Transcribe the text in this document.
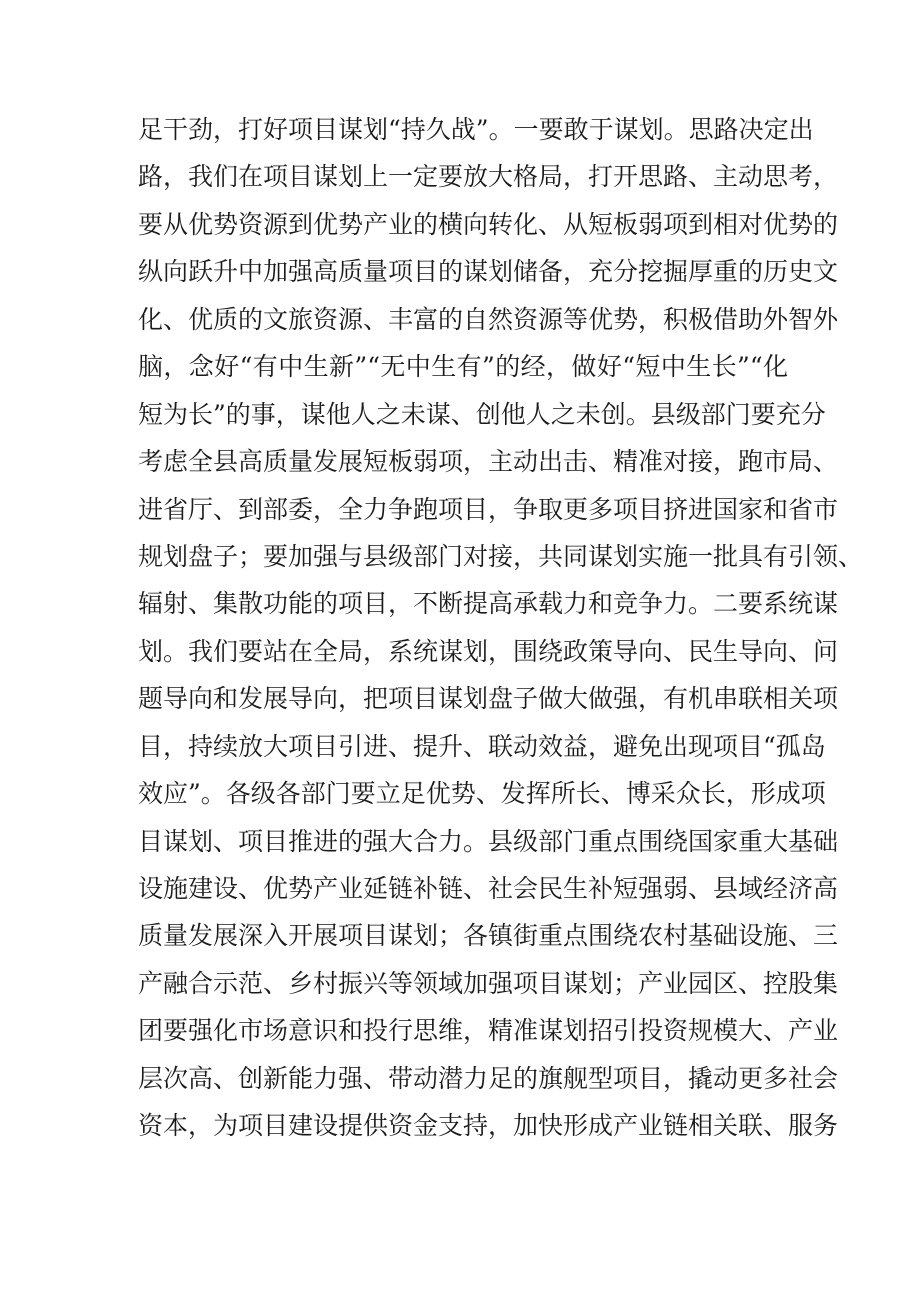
足干劲，打好项目谋划“持久战”。一要敢于谋划。思路决定出
路，我们在项目谋划上一定要放大格局，打开思路、主动思考，
要从优势资源到优势产业的横向转化、从短板弱项到相对优势的
纵向跃升中加强高质量项目的谋划储备，充分挖掘厚重的历史文
化、优质的文旅资源、丰富的自然资源等优势，积极借助外智外
脑，念好“有中生新”“无中生有”的经，做好“短中生长”“化
短为长”的事，谋他人之未谋、创他人之未创。县级部门要充分
考虑全县高质量发展短板弱项，主动出击、精准对接，跑市局、
进省厅、到部委，全力争跑项目，争取更多项目挤进国家和省市
规划盘子；要加强与县级部门对接，共同谋划实施一批具有引领、
辐射、集散功能的项目，不断提高承载力和竞争力。二要系统谋
划。我们要站在全局，系统谋划，围绕政策导向、民生导向、问
题导向和发展导向，把项目谋划盘子做大做强，有机串联相关项
目，持续放大项目引进、提升、联动效益，避免出现项目“孤岛
效应”。各级各部门要立足优势、发挥所长、博采众长，形成项
目谋划、项目推进的强大合力。县级部门重点围绕国家重大基础
设施建设、优势产业延链补链、社会民生补短强弱、县域经济高
质量发展深入开展项目谋划；各镇街重点围绕农村基础设施、三
产融合示范、乡村振兴等领域加强项目谋划；产业园区、控股集
团要强化市场意识和投行思维，精准谋划招引投资规模大、产业
层次高、创新能力强、带动潜力足的旗舰型项目，撬动更多社会
资本，为项目建设提供资金支持，加快形成产业链相关联、服务
